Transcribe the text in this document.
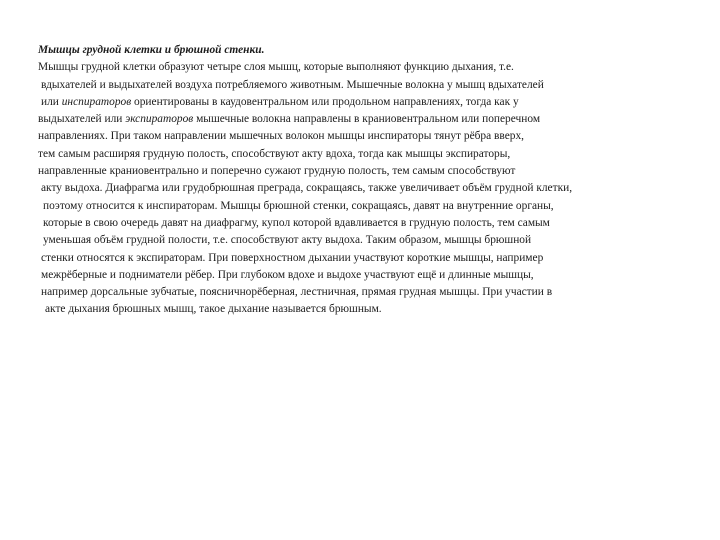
Мышцы грудной клетки и брюшной стенки.
Мышцы грудной клетки образуют четыре слоя мышц, которые выполняют функцию дыхания, т.е.
вдыхателей и выдыхателей воздуха потребляемого животным. Мышечные волокна у мышц вдыхателей
или инспираторов ориентированы в каудовентральном или продольном направлениях, тогда как у
выдыхателей или экспираторов мышечные волокна направлены в краниовентральном или поперечном
направлениях. При таком направлении мышечных волокон мышцы инспираторы тянут рёбра вверх,
тем самым расширяя грудную полость, способствуют акту вдоха, тогда как мышцы экспираторы,
направленные краниовентрально и поперечно сужают грудную полость, тем самым способствуют
акту выдоха. Диафрагма или грудобрюшная преграда, сокращаясь, также увеличивает объём грудной клетки,
поэтому относится к инспираторам. Мышцы брюшной стенки, сокращаясь, давят на внутренние органы,
которые в свою очередь давят на диафрагму, купол которой вдавливается в грудную полость, тем самым
уменьшая объём грудной полости, т.е. способствуют акту выдоха. Таким образом, мышцы брюшной
стенки относятся к экспираторам. При поверхностном дыхании участвуют короткие мышцы, например
межрёберные и подниматели рёбер. При глубоком вдохе и выдохе участвуют ещё и длинные мышцы,
например дорсальные зубчатые, поясничнорёберная, лестничная, прямая грудная мышцы. При участии в
акте дыхания брюшных мышц, такое дыхание называется брюшным.
